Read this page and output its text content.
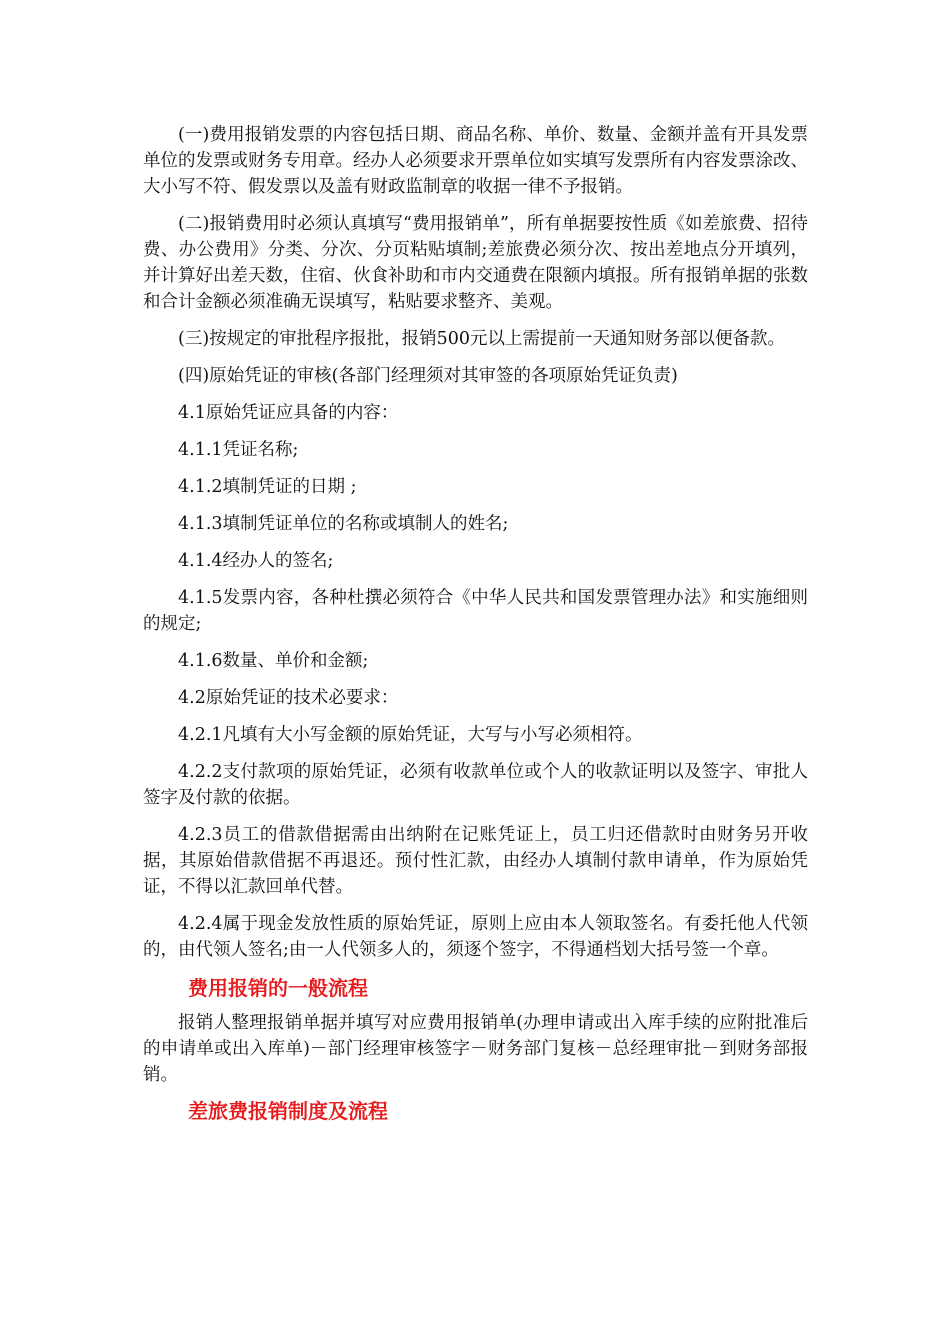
(一)费用报销发票的内容包括日期、商品名称、单价、数量、金额并盖有开具发票单位的发票或财务专用章。经办人必须要求开票单位如实填写发票所有内容发票涂改、大小写不符、假发票以及盖有财政监制章的收据一律不予报销。

(二)报销费用时必须认真填写“费用报销单”，所有单据要按性质《如差旅费、招待费、办公费用》分类、分次、分页粘贴填制;差旅费必须分次、按出差地点分开填列，并计算好出差天数，住宿、伙食补助和市内交通费在限额内填报。所有报销单据的张数和合计金额必须准确无误填写，粘贴要求整齐、美观。

(三)按规定的审批程序报批，报销500元以上需提前一天通知财务部以便备款。

(四)原始凭证的审核(各部门经理须对其审签的各项原始凭证负责)

4.1原始凭证应具备的内容：

4.1.1凭证名称;

4.1.2填制凭证的日期 ;

4.1.3填制凭证单位的名称或填制人的姓名;

4.1.4经办人的签名;

4.1.5发票内容，各种杜撰必须符合《中华人民共和国发票管理办法》和实施细则的规定;

4.1.6数量、单价和金额;

4.2原始凭证的技术必要求：

4.2.1凡填有大小写金额的原始凭证，大写与小写必须相符。

4.2.2支付款项的原始凭证，必须有收款单位或个人的收款证明以及签字、审批人签字及付款的依据。

4.2.3员工的借款借据需由出纳附在记账凭证上，员工归还借款时由财务另开收据，其原始借款借据不再退还。预付性汇款，由经办人填制付款申请单，作为原始凭证，不得以汇款回单代替。

4.2.4属于现金发放性质的原始凭证，原则上应由本人领取签名。有委托他人代领的，由代领人签名;由一人代领多人的，须逐个签字，不得通档划大括号签一个章。

费用报销的一般流程

报销人整理报销单据并填写对应费用报销单(办理申请或出入库手续的应附批准后的申请单或出入库单)－部门经理审核签字－财务部门复核－总经理审批－到财务部报销。

差旅费报销制度及流程
